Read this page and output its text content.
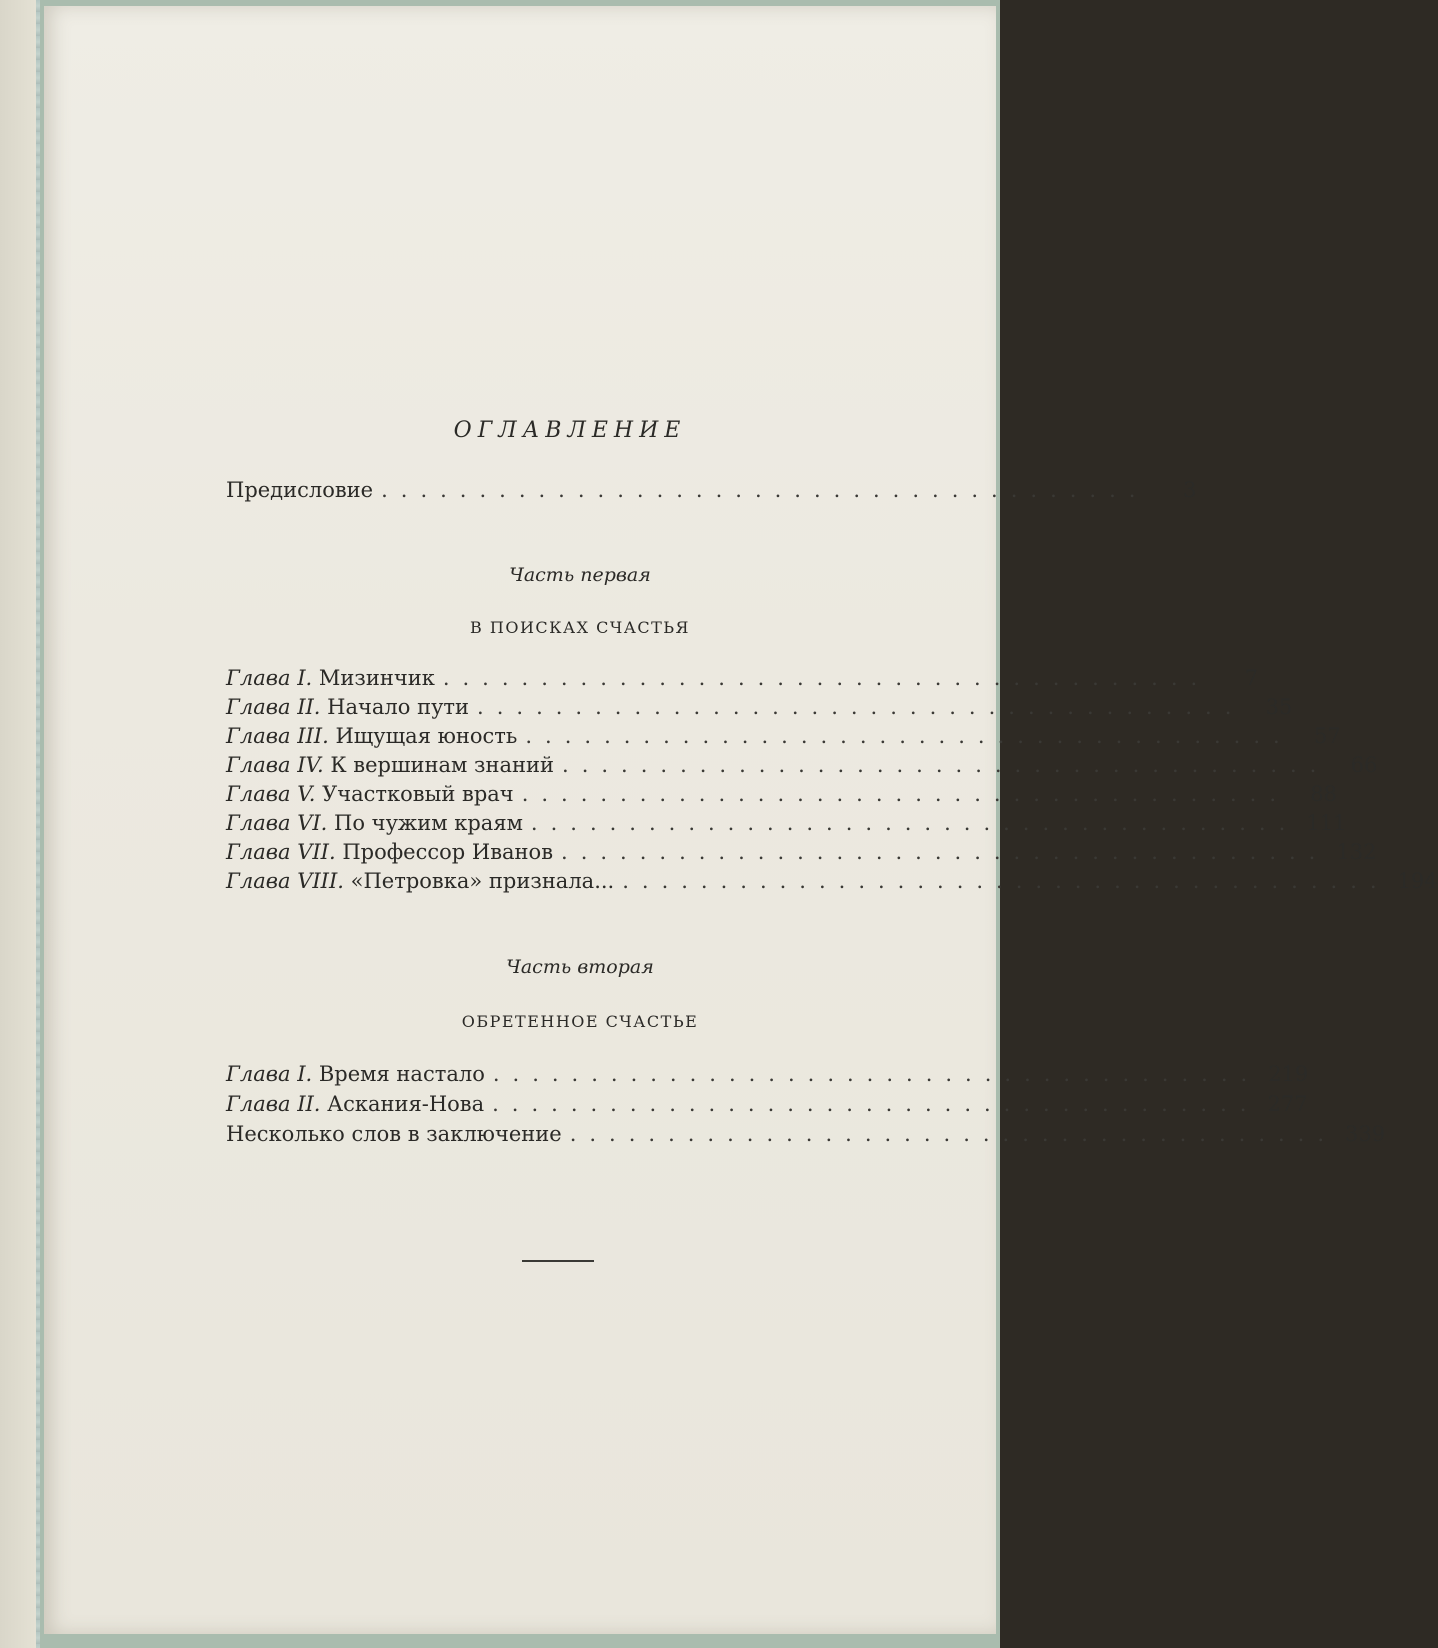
ОГЛАВЛЕНИЕ
Предисловие .......................................	3
Часть первая
В ПОИСКАХ СЧАСТЬЯ
Глава I. Мизинчик .......................................	7
Глава II. Начало пути .......................................	35
Глава III. Ищущая юность .......................................	57
Глава IV. К вершинам знаний .......................................	66
Глава V. Участковый врач .......................................	88
Глава VI. По чужим краям ....................................... 111
Глава VII. Профессор Иванов ....................................... 132
Глава VIII. «Петровка» признала... ....................................... 194
Часть вторая
ОБРЕТЕННОЕ СЧАСТЬЕ
Глава I. Время настало ....................................... 219
Глава II. Аскания-Нова ....................................... 277
Несколько слов в заключение ....................................... 339
